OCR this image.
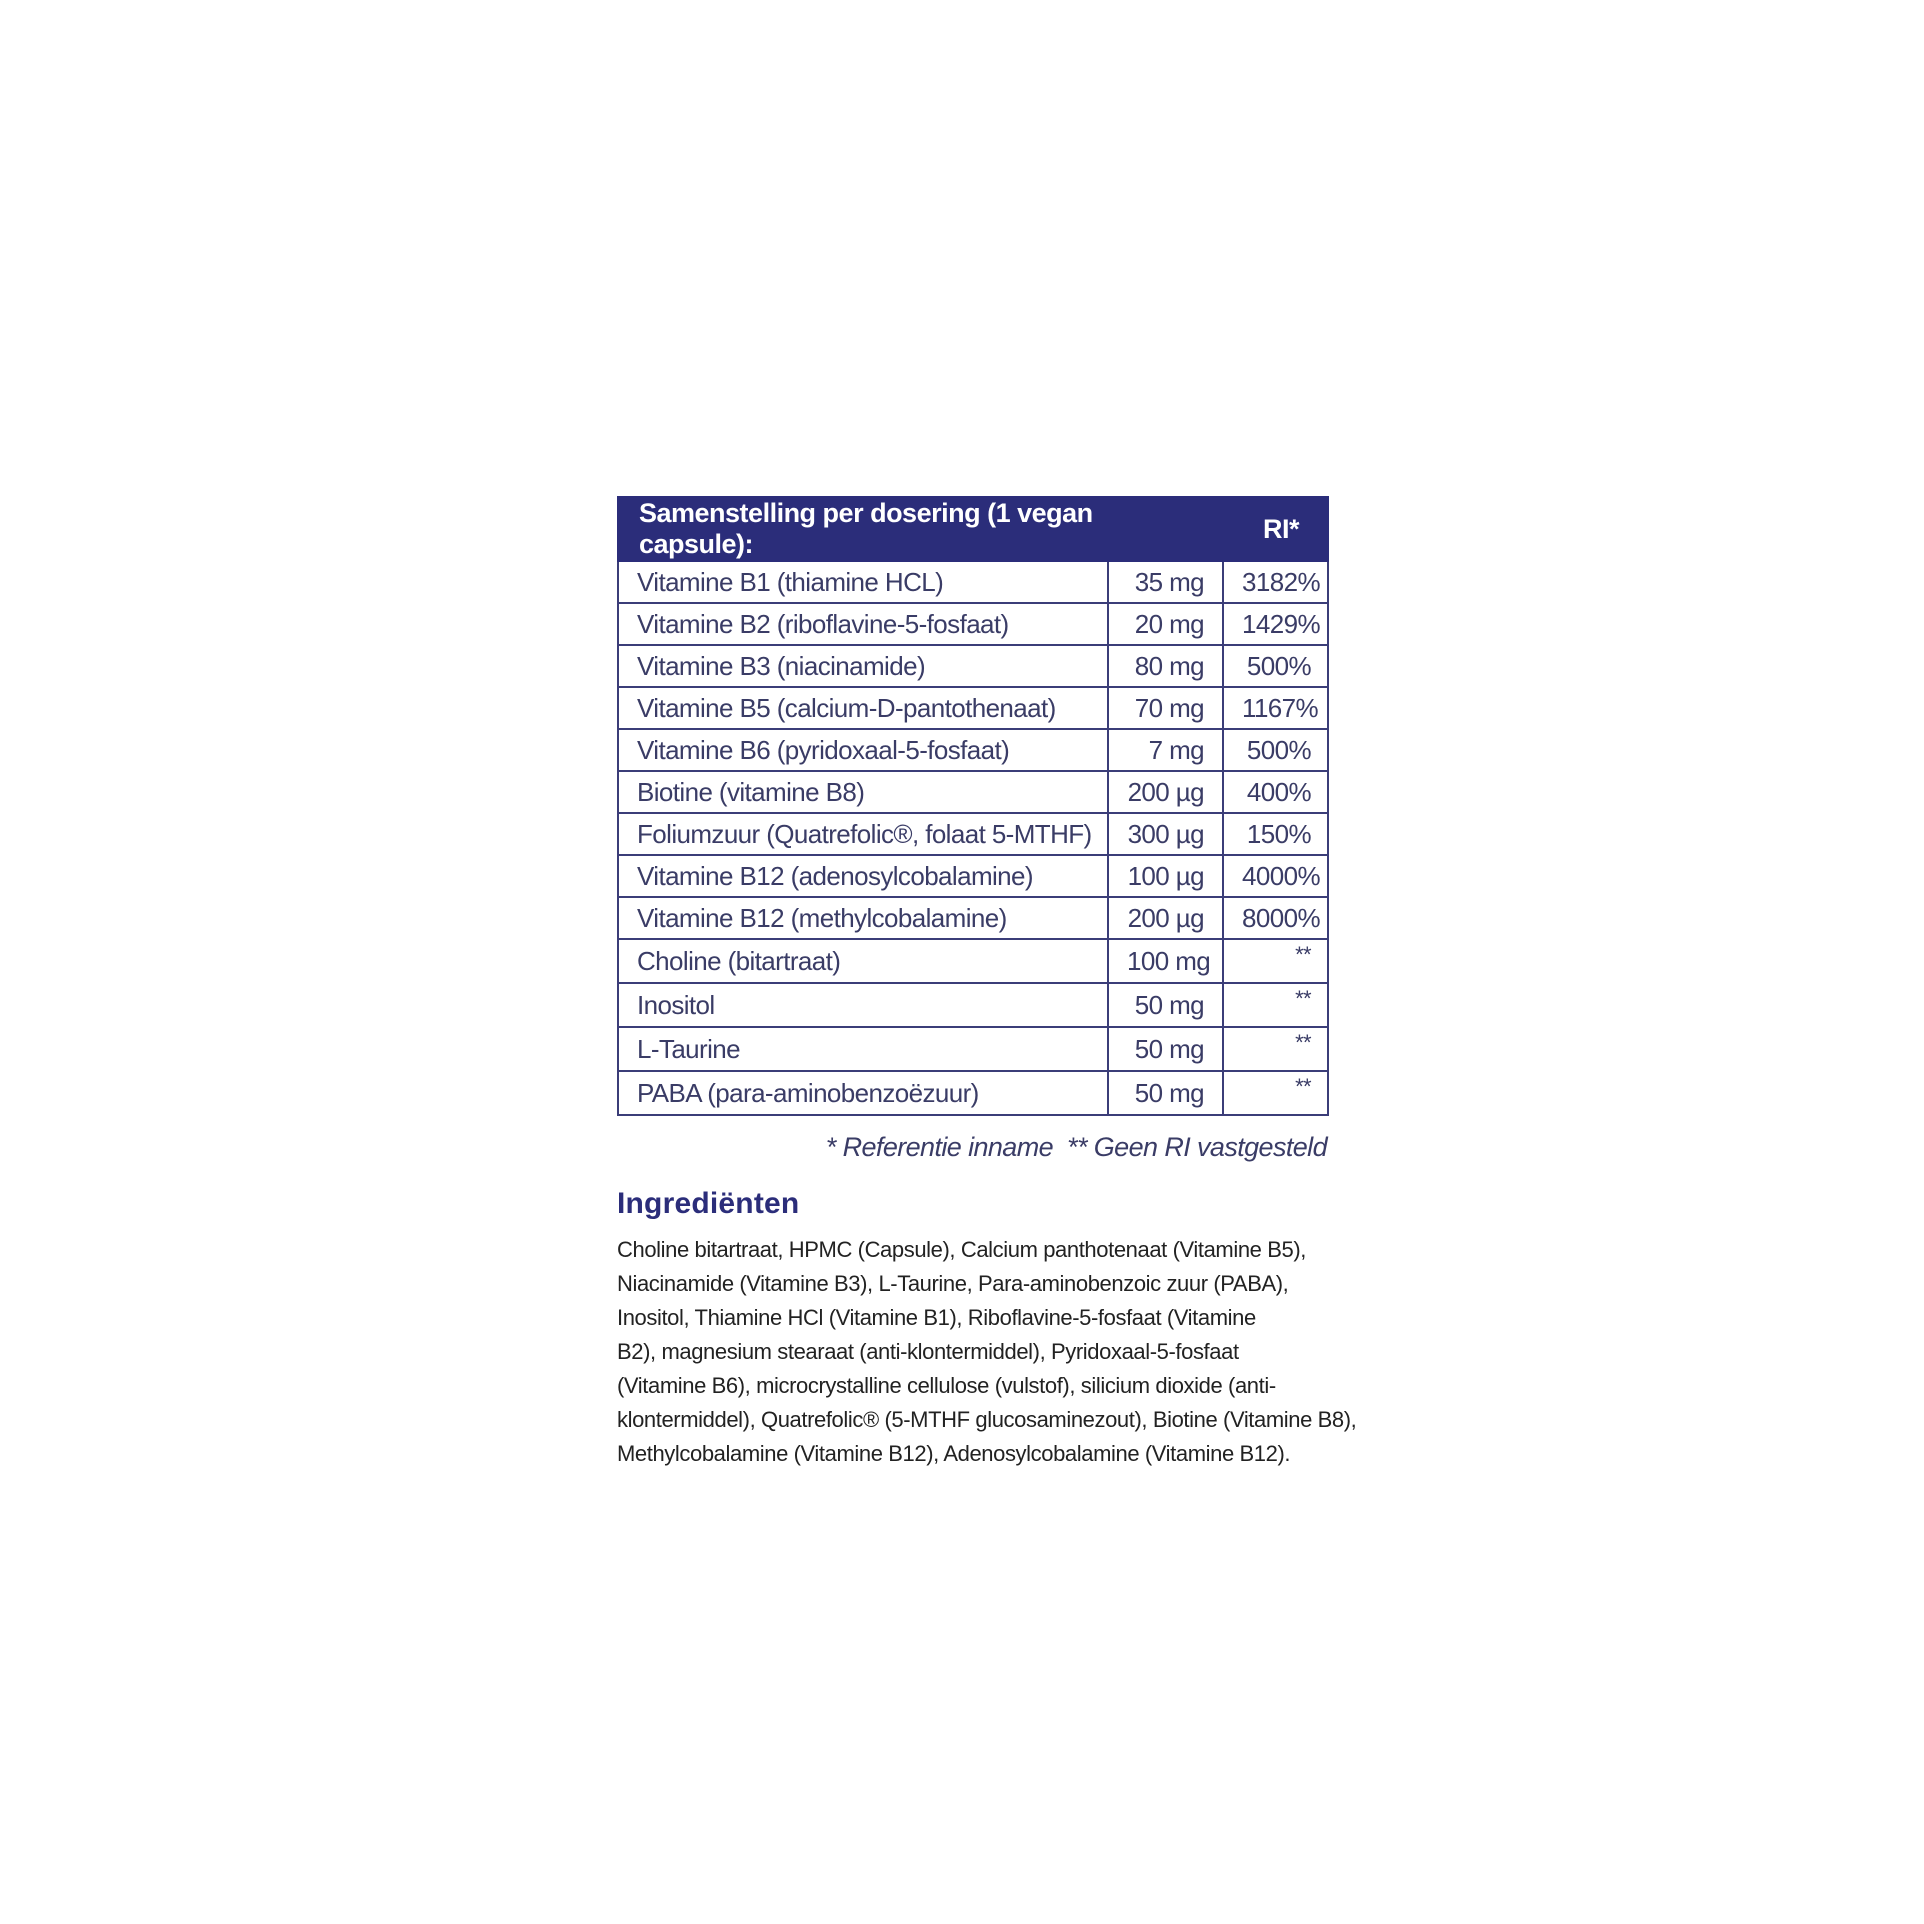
Samenstelling per dosering (1 vegan capsule):		RI*
Vitamine B1 (thiamine HCL)	35 mg	3182%
Vitamine B2 (riboflavine-5-fosfaat)	20 mg	1429%
Vitamine B3 (niacinamide)	80 mg	500%
Vitamine B5 (calcium-D-pantothenaat)	70 mg	1167%
Vitamine B6 (pyridoxaal-5-fosfaat)	7 mg	500%
Biotine (vitamine B8)	200 µg	400%
Foliumzuur (Quatrefolic®, folaat 5-MTHF)	300 µg	150%
Vitamine B12 (adenosylcobalamine)	100 µg	4000%
Vitamine B12 (methylcobalamine)	200 µg	8000%
Choline (bitartraat)	100 mg	**
Inositol	50 mg	**
L-Taurine	50 mg	**
PABA (para-aminobenzoëzuur)	50 mg	**
* Referentie inname ** Geen RI vastgesteld
Ingrediënten

Choline bitartraat, HPMC (Capsule), Calcium panthotenaat (Vitamine B5),

Niacinamide (Vitamine B3), L-Taurine, Para-aminobenzoic zuur (PABA),

Inositol, Thiamine HCl (Vitamine B1), Riboflavine-5-fosfaat (Vitamine

B2), magnesium stearaat (anti-klontermiddel), Pyridoxaal-5-fosfaat

(Vitamine B6), microcrystalline cellulose (vulstof), silicium dioxide (anti-

klontermiddel), Quatrefolic® (5-MTHF glucosaminezout), Biotine (Vitamine B8),

Methylcobalamine (Vitamine B12), Adenosylcobalamine (Vitamine B12).
